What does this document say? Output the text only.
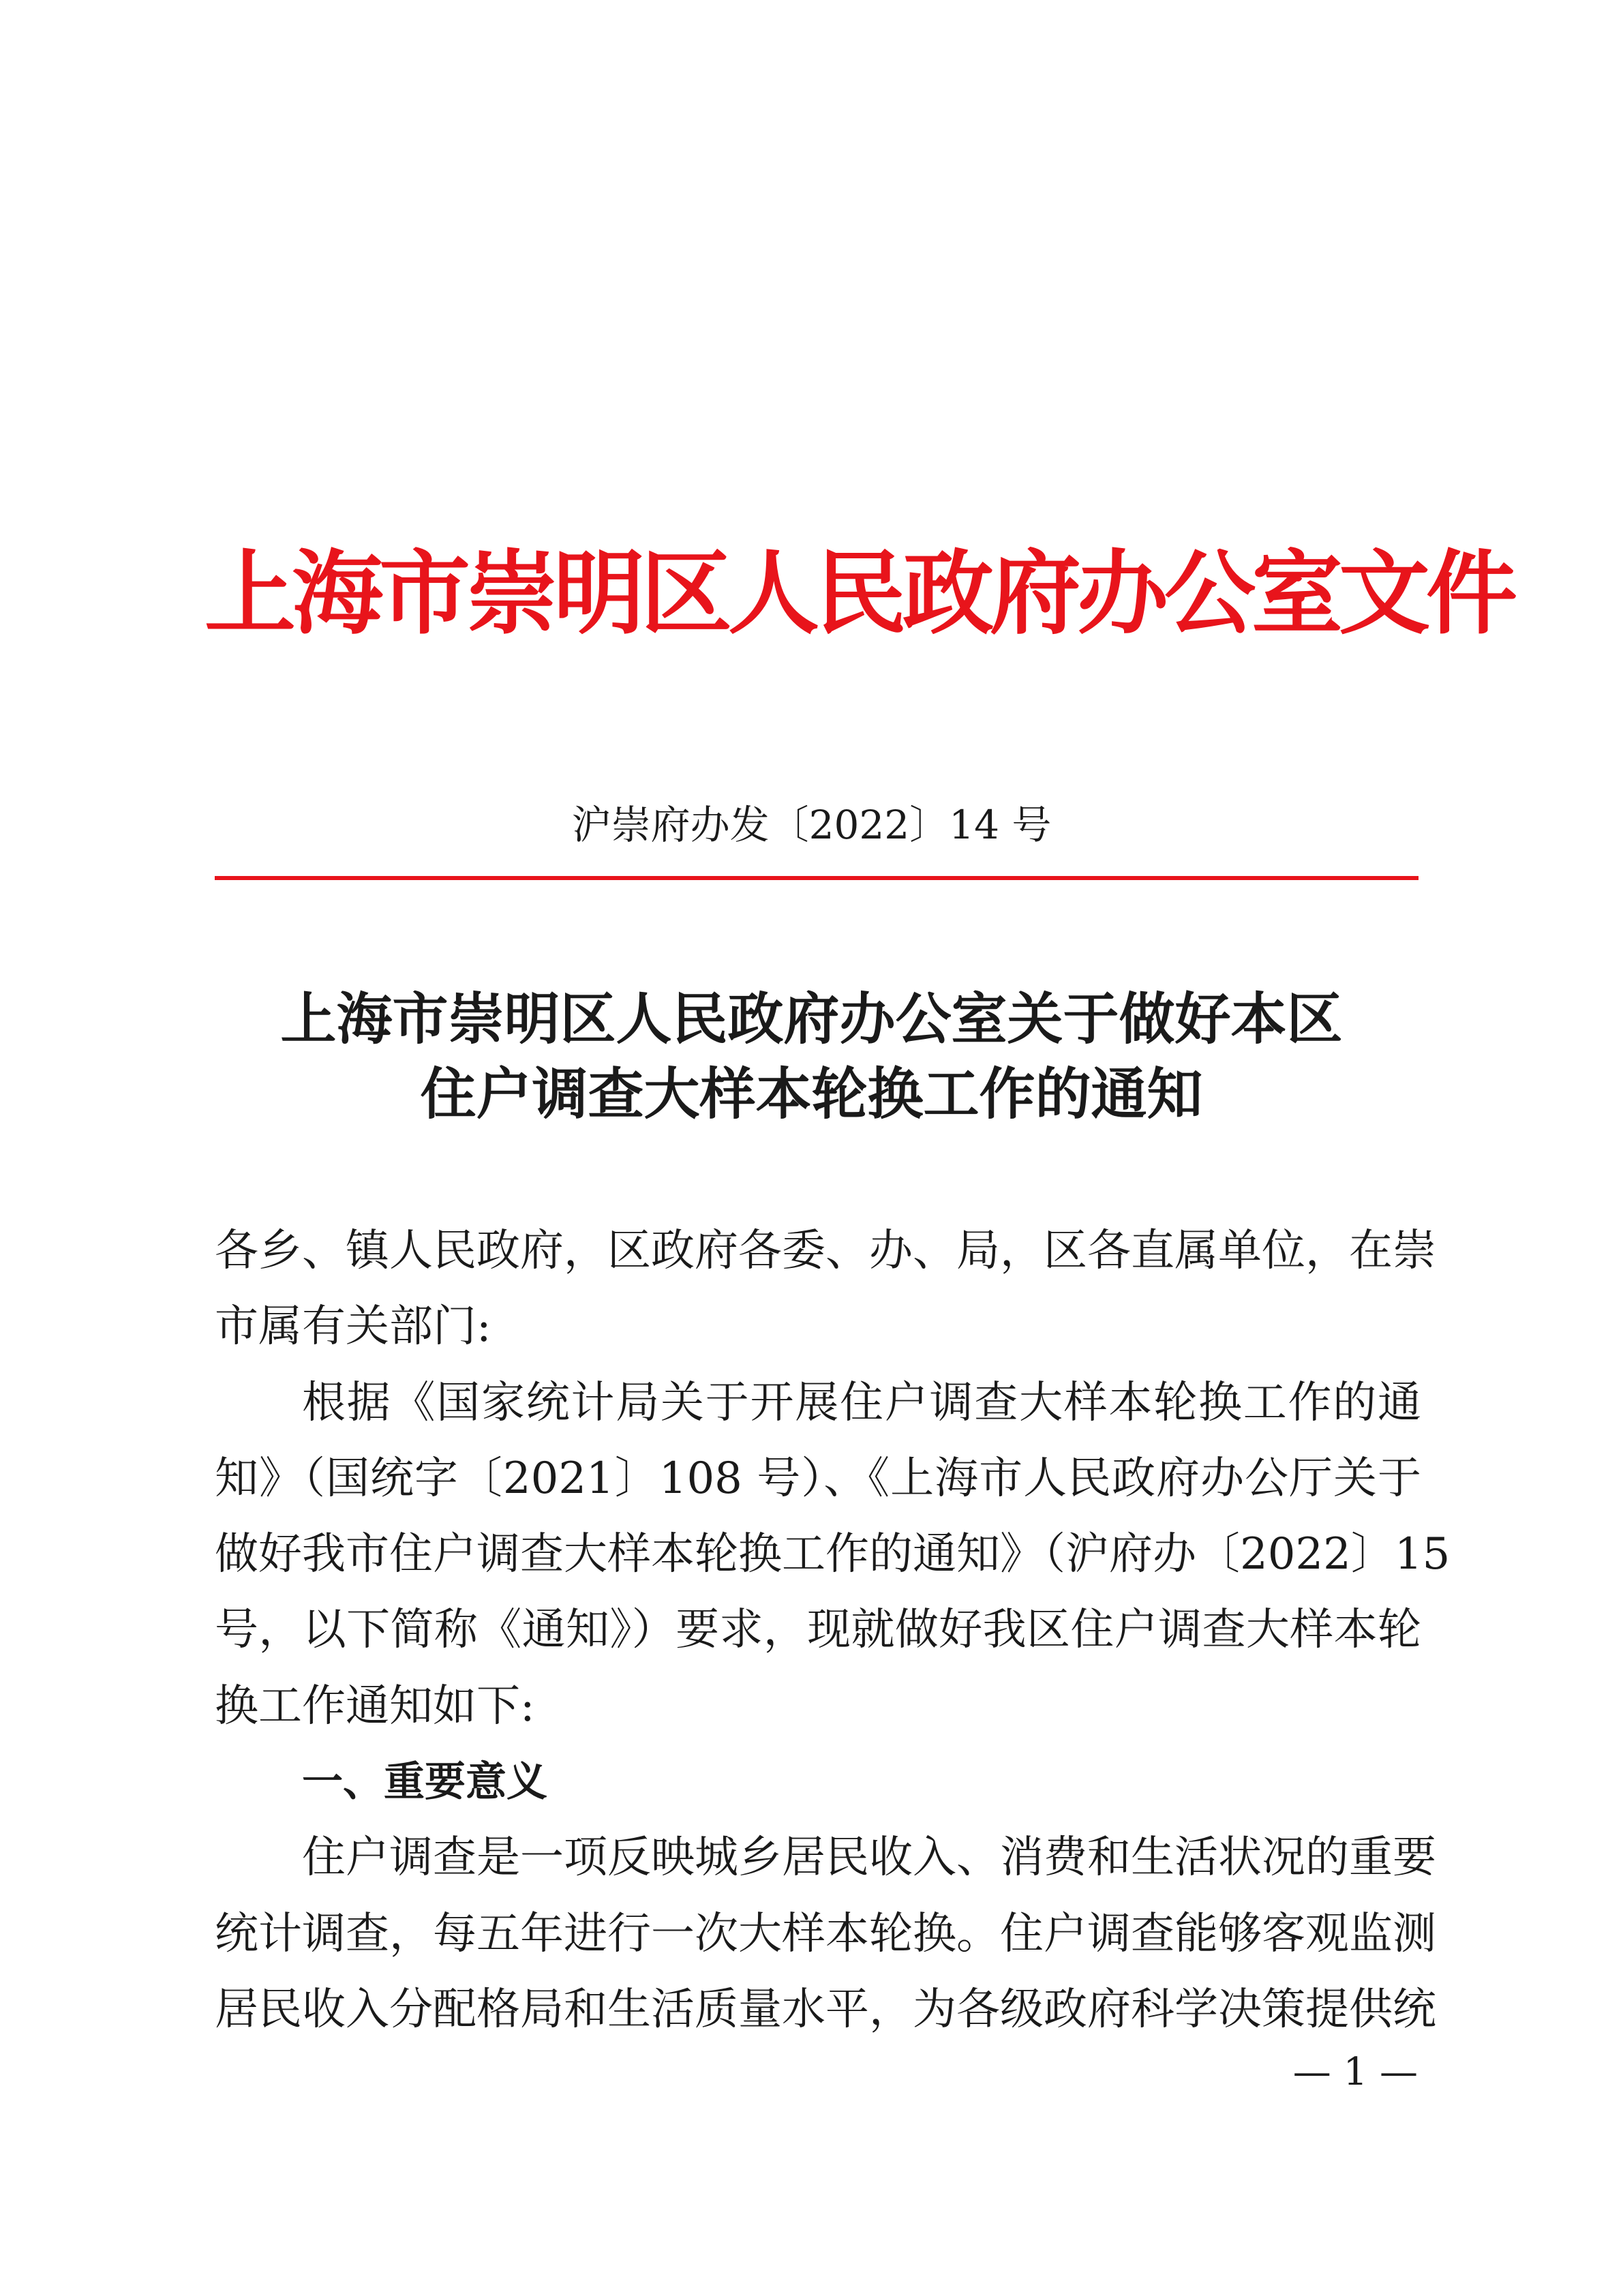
上海市崇明区人民政府办公室文件
沪崇府办发〔2022〕14 号
上海市崇明区人民政府办公室关于做好本区
住户调查大样本轮换工作的通知
各乡、镇人民政府，区政府各委、办、局，区各直属单位，在崇
市属有关部门:
根据《国家统计局关于开展住户调查大样本轮换工作的通
知》（国统字〔2021〕108 号）、《上海市人民政府办公厅关于
做好我市住户调查大样本轮换工作的通知》（沪府办〔2022〕15
号，以下简称《通知》）要求，现就做好我区住户调查大样本轮
换工作通知如下:
一、重要意义
住户调查是一项反映城乡居民收入、消费和生活状况的重要
统计调查，每五年进行一次大样本轮换。住户调查能够客观监测
居民收入分配格局和生活质量水平，为各级政府科学决策提供统
— 1 —
